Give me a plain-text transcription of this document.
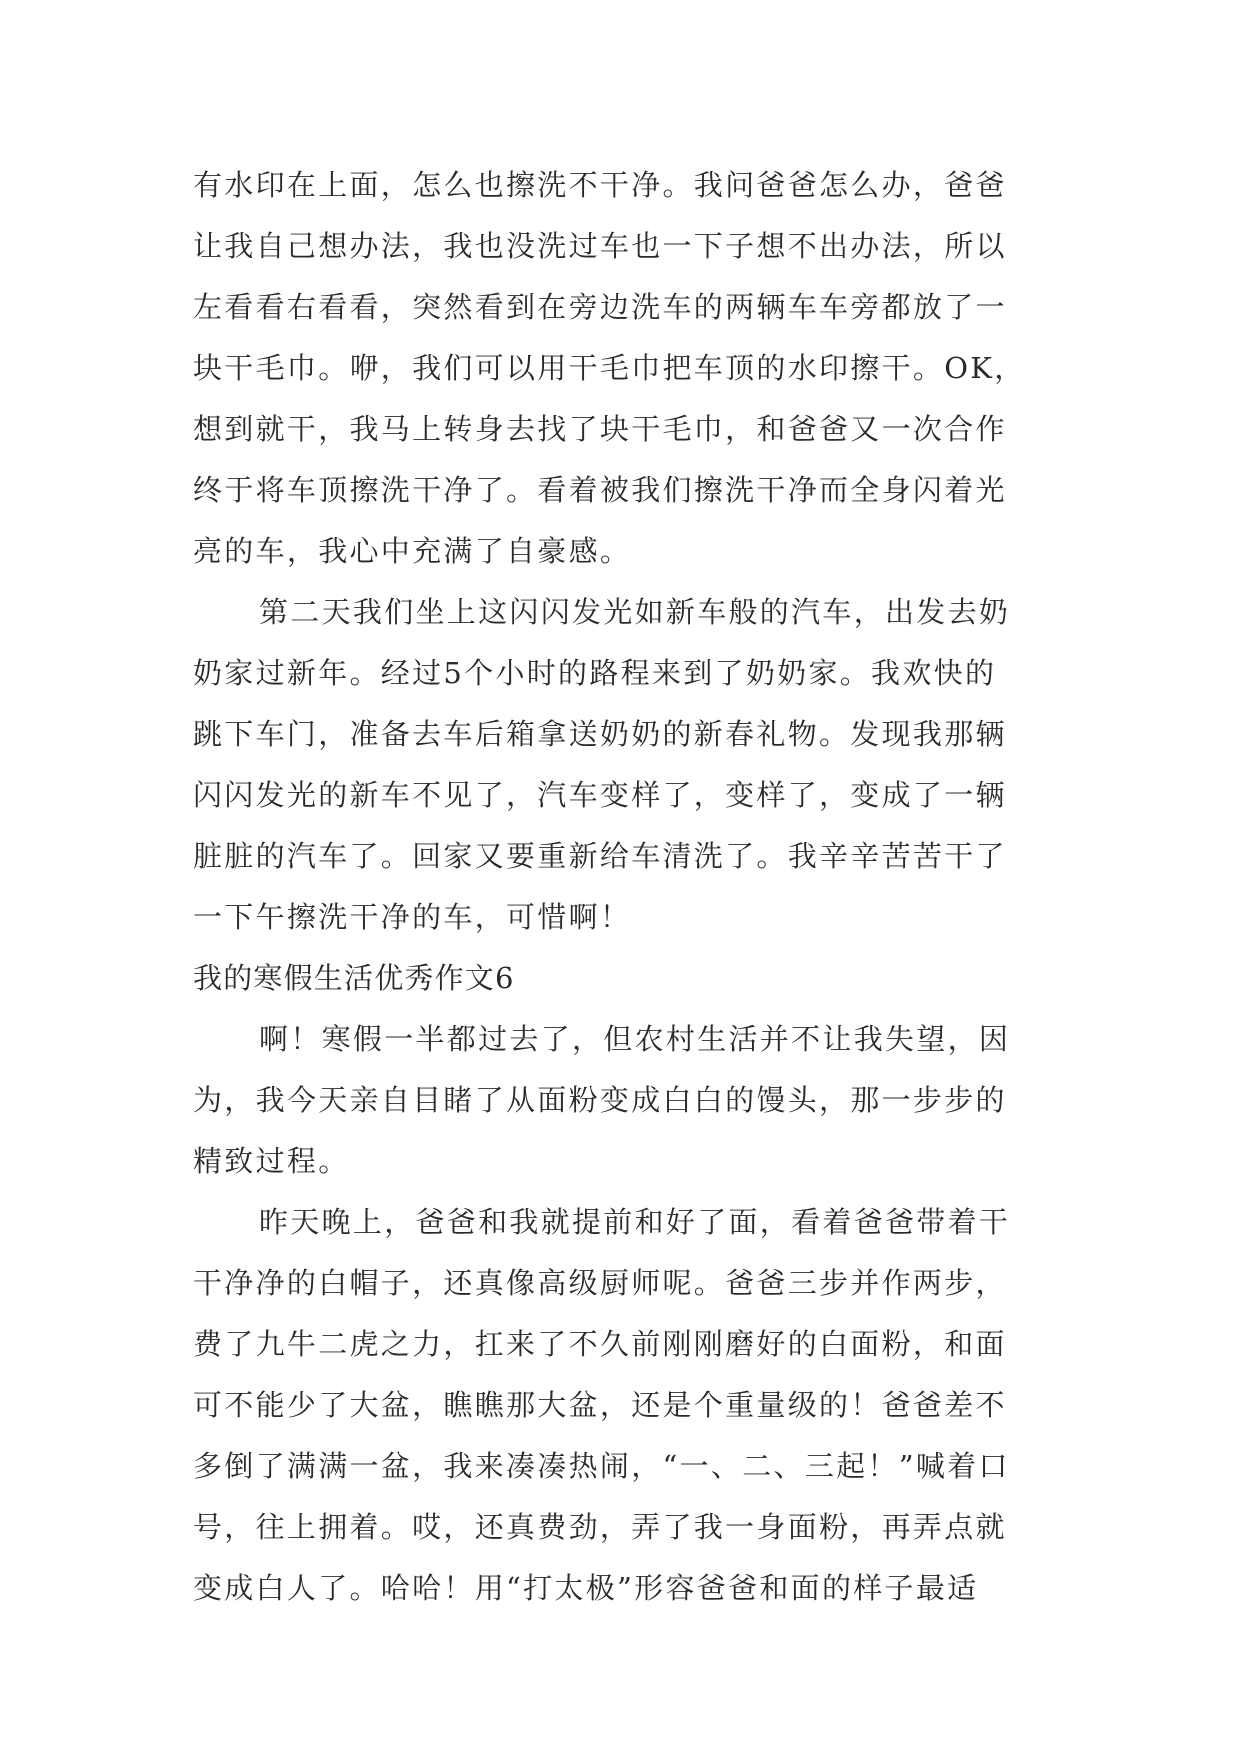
有水印在上面，怎么也擦洗不干净。我问爸爸怎么办，爸爸
让我自己想办法，我也没洗过车也一下子想不出办法，所以
左看看右看看，突然看到在旁边洗车的两辆车车旁都放了一
块干毛巾。咿，我们可以用干毛巾把车顶的水印擦干。OK，
想到就干，我马上转身去找了块干毛巾，和爸爸又一次合作
终于将车顶擦洗干净了。看着被我们擦洗干净而全身闪着光
亮的车，我心中充满了自豪感。
第二天我们坐上这闪闪发光如新车般的汽车，出发去奶
奶家过新年。经过5个小时的路程来到了奶奶家。我欢快的
跳下车门，准备去车后箱拿送奶奶的新春礼物。发现我那辆
闪闪发光的新车不见了，汽车变样了，变样了，变成了一辆
脏脏的汽车了。回家又要重新给车清洗了。我辛辛苦苦干了
一下午擦洗干净的车，可惜啊！
我的寒假生活优秀作文6
啊！寒假一半都过去了，但农村生活并不让我失望，因
为，我今天亲自目睹了从面粉变成白白的馒头，那一步步的
精致过程。
昨天晚上，爸爸和我就提前和好了面，看着爸爸带着干
干净净的白帽子，还真像高级厨师呢。爸爸三步并作两步，
费了九牛二虎之力，扛来了不久前刚刚磨好的白面粉，和面
可不能少了大盆，瞧瞧那大盆，还是个重量级的！爸爸差不
多倒了满满一盆，我来凑凑热闹，“一、二、三起！”喊着口
号，往上拥着。哎，还真费劲，弄了我一身面粉，再弄点就
变成白人了。哈哈！用“打太极”形容爸爸和面的样子最适
